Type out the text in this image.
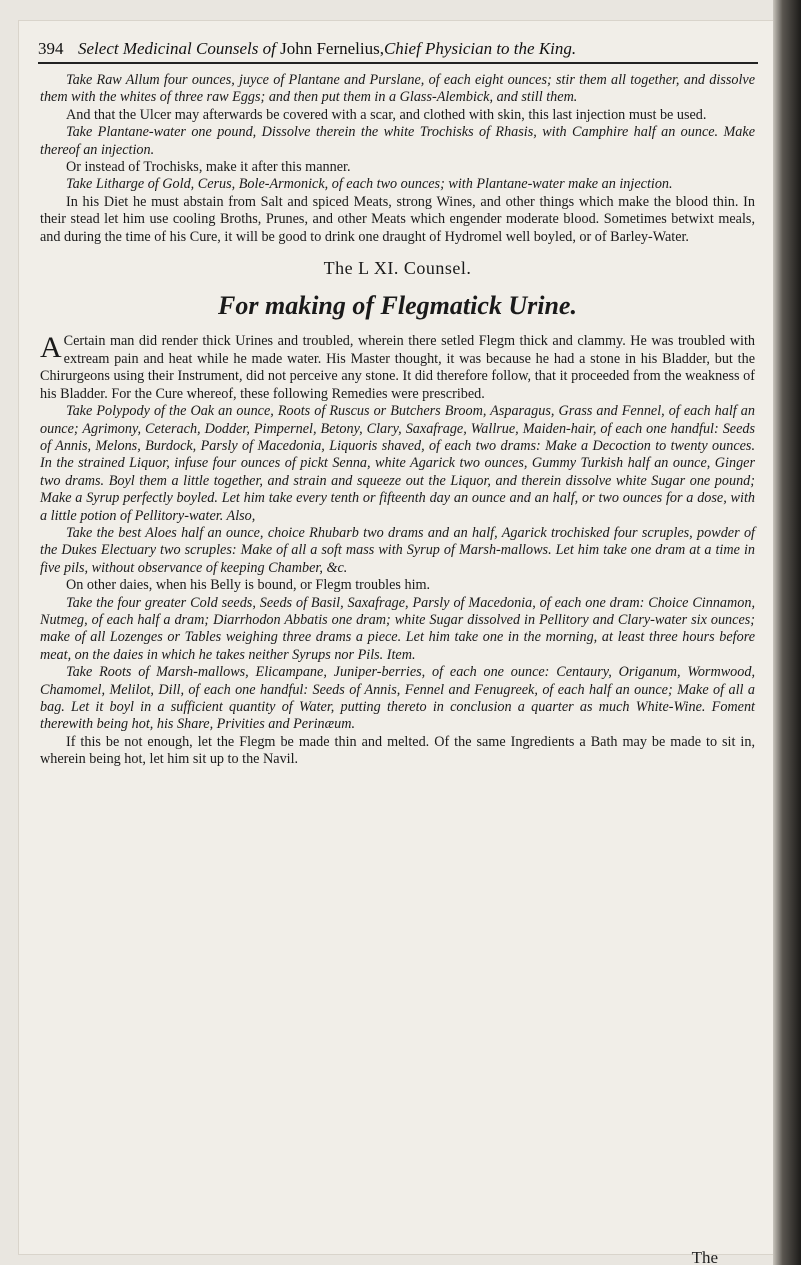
394 Select Medicinal Counsels of John Fernelius,Chief Physician to the King.

Take Raw Allum four ounces, juyce of Plantane and Purslane, of each eight ounces; stir them all together, and dissolve them with the whites of three raw Eggs; and then put them in a Glass-Alembick, and still them.

And that the Ulcer may afterwards be covered with a scar, and clothed with skin, this last injection must be used.

Take Plantane-water one pound, Dissolve therein the white Trochisks of Rhasis, with Camphire half an ounce. Make thereof an injection.

Or instead of Trochisks, make it after this manner.

Take Litharge of Gold, Cerus, Bole-Armonick, of each two ounces; with Plantane-water make an injection.

In his Diet he must abstain from Salt and spiced Meats, strong Wines, and other things which make the blood thin. In their stead let him use cooling Broths, Prunes, and other Meats which engender moderate blood. Sometimes betwixt meals, and during the time of his Cure, it will be good to drink one draught of Hydromel well boyled, or of Barley-Water.

The L XI. Counsel.

For making of Flegmatick Urine.

A Certain man did render thick Urines and troubled, wherein there setled Flegm thick and clammy. He was troubled with extream pain and heat while he made water. His Master thought, it was because he had a stone in his Bladder, but the Chirurgeons using their Instrument, did not perceive any stone. It did therefore follow, that it proceeded from the weakness of his Bladder. For the Cure whereof, these following Remedies were prescribed.

Take Polypody of the Oak an ounce, Roots of Ruscus or Butchers Broom, Asparagus, Grass and Fennel, of each half an ounce; Agrimony, Ceterach, Dodder, Pimpernel, Betony, Clary, Saxafrage, Wallrue, Maiden-hair, of each one handful: Seeds of Annis, Melons, Burdock, Parsly of Macedonia, Liquoris shaved, of each two drams: Make a Decoction to twenty ounces. In the strained Liquor, infuse four ounces of pickt Senna, white Agarick two ounces, Gummy Turkish half an ounce, Ginger two drams. Boyl them a little together, and strain and squeeze out the Liquor, and therein dissolve white Sugar one pound; Make a Syrup perfectly boyled. Let him take every tenth or fifteenth day an ounce and an half, or two ounces for a dose, with a little potion of Pellitory-water. Also,

Take the best Aloes half an ounce, choice Rhubarb two drams and an half, Agarick trochisked four scruples, powder of the Dukes Electuary two scruples: Make of all a soft mass with Syrup of Marsh-mallows. Let him take one dram at a time in five pils, without observance of keeping Chamber, &c.

On other daies, when his Belly is bound, or Flegm troubles him.

Take the four greater Cold seeds, Seeds of Basil, Saxafrage, Parsly of Macedonia, of each one dram: Choice Cinnamon, Nutmeg, of each half a dram; Diarrhodon Abbatis one dram; white Sugar dissolved in Pellitory and Clary-water six ounces; make of all Lozenges or Tables weighing three drams a piece. Let him take one in the morning, at least three hours before meat, on the daies in which he takes neither Syrups nor Pils. Item.

Take Roots of Marsh-mallows, Elicampane, Juniper-berries, of each one ounce: Centaury, Origanum, Wormwood, Chamomel, Melilot, Dill, of each one handful: Seeds of Annis, Fennel and Fenugreek, of each half an ounce; Make of all a bag. Let it boyl in a sufficient quantity of Water, putting thereto in conclusion a quarter as much White-Wine. Foment therewith being hot, his Share, Privities and Perinæum.

If this be not enough, let the Flegm be made thin and melted. Of the same Ingredients a Bath may be made to sit in, wherein being hot, let him sit up to the Navil.

The
